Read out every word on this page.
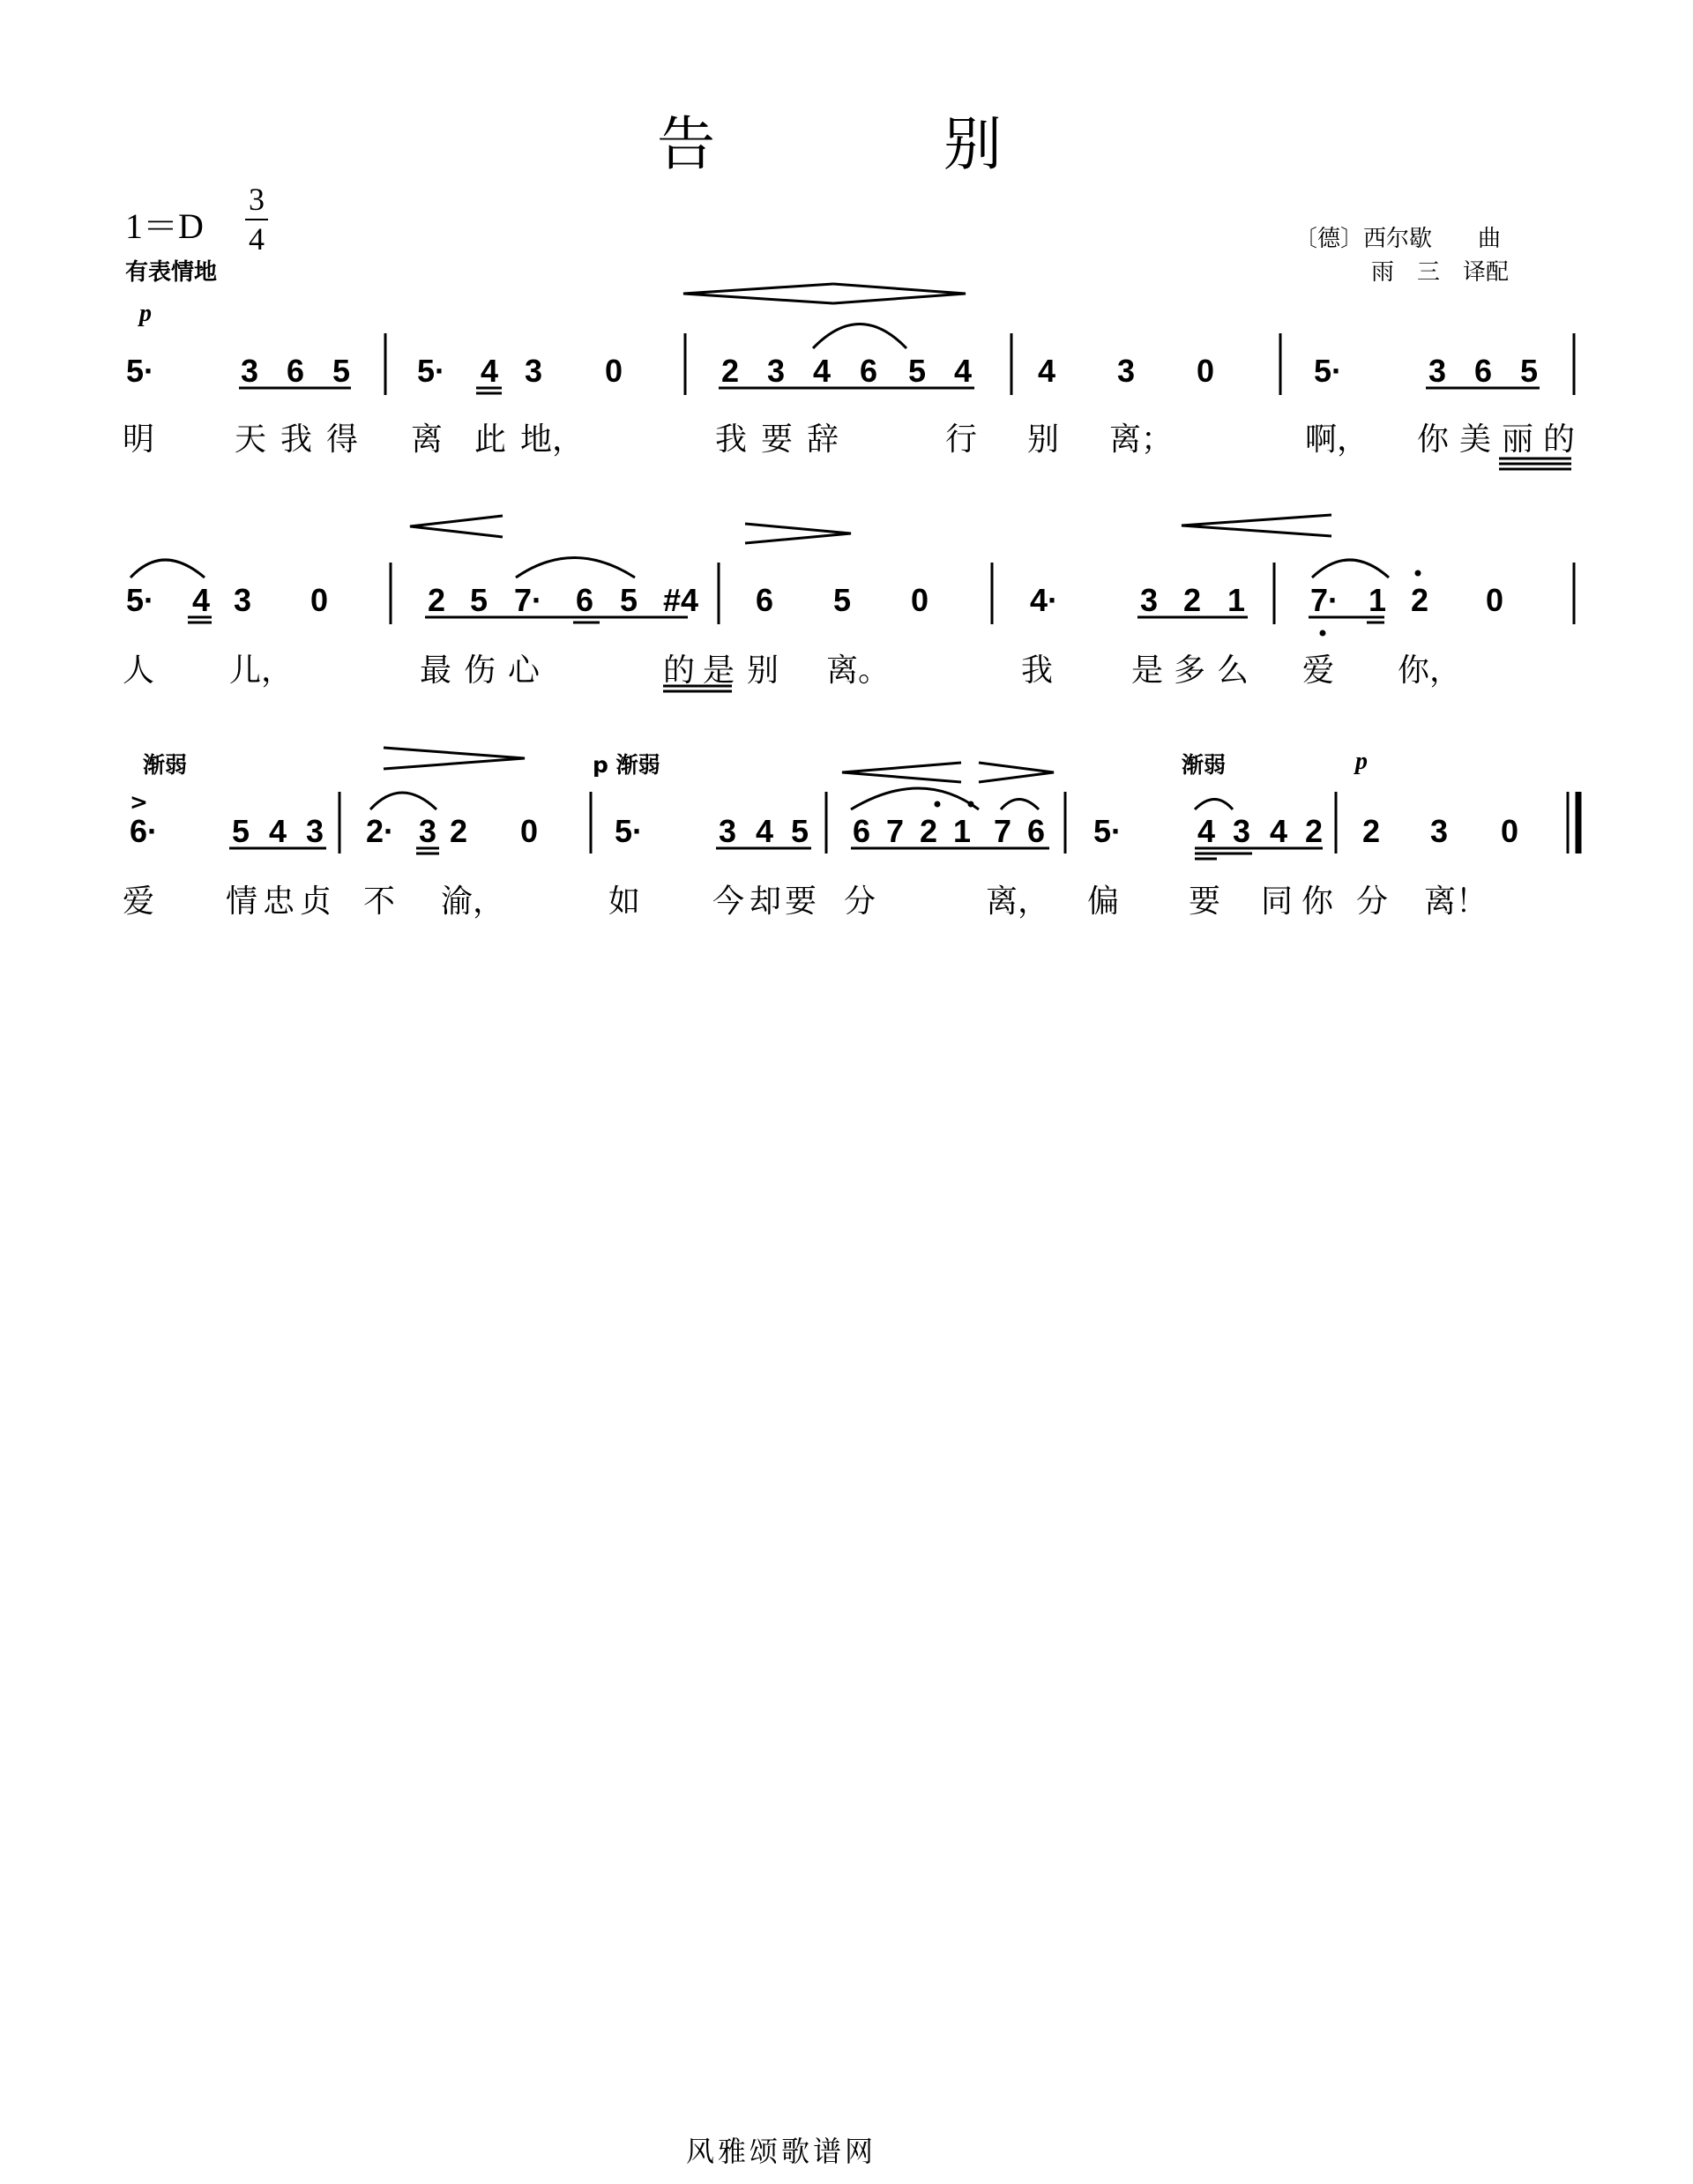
告	别
1＝D
3
4
有表情地
〔德〕西尔歇　　曲
雨　三　译配
p
渐弱	p 渐弱	渐弱	p
>
5·	3 6 5 5· 4 3 0	2 3 4 6 5 4 4 3 0	5·	3 6 5
明	天 我 得 离 此 地，	我 要 辞	行 别 离；	啊， 你 美 丽 的
5· 4 3 0	2 5 7· 6 5 #4 6 5 0	4·	3 2 1 7· 1 2 0
人 儿，	最 伤 心	的 是 别 离。	我 是 多 么 爱 你，
6· 5 4 3 2· 3 2 0 5· 3 4 5 6 7 2 1 7 6 5· 4 3 4 2 2 3 0
爱 情 忠 贞 不 渝，	如 今 却 要 分	离， 偏 要 同 你 分 离！
风雅颂歌谱网
